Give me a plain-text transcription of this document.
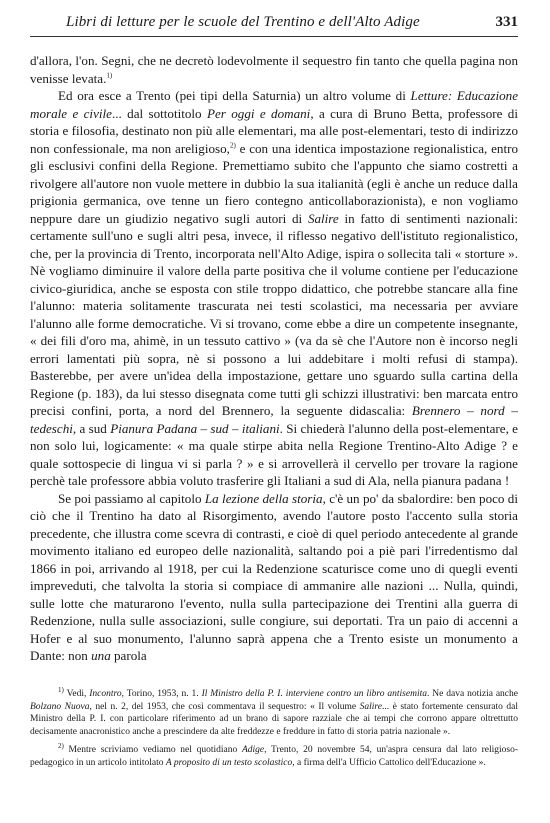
Libri di letture per le scuole del Trentino e dell'Alto Adige	331

d'allora, l'on. Segni, che ne decretò lodevolmente il sequestro fin tanto che quella pagina non venisse levata.$^{1)}$

Ed ora esce a Trento (pei tipi della Saturnia) un altro volume di Letture: Educazione morale e civile... dal sottotitolo Per oggi e domani, a cura di Bruno Betta, professore di storia e filosofia, destinato non più alle elementari, ma alle post-elementari, testo di indirizzo non confessionale, ma non areligioso,$^{2)}$ e con una identica impostazione regionalistica, entro gli esclusivi confini della Regione. Premettiamo subito che l'appunto che siamo costretti a rivolgere all'autore non vuole mettere in dubbio la sua italianità (egli è anche un reduce dalla prigionia germanica, ove tenne un fiero contegno anticollaborazionista), e non vogliamo neppure dare un giudizio negativo sugli autori di Salire in fatto di sentimenti nazionali: certamente sull'uno e sugli altri pesa, invece, il riflesso negativo dell'istituto regionalistico, che, per la provincia di Trento, incorporata nell'Alto Adige, ispira o sollecita tali « storture ». Nè vogliamo diminuire il valore della parte positiva che il volume contiene per l'educazione civico-giuridica, anche se esposta con stile troppo didattico, che potrebbe stancare alla fine l'alunno: materia solitamente trascurata nei testi scolastici, ma necessaria per avviare l'alunno alle forme democratiche. Vi si trovano, come ebbe a dire un competente insegnante, « dei fili d'oro ma, ahimè, in un tessuto cattivo » (va da sè che l'Autore non è incorso negli errori lamentati più sopra, nè si possono a lui addebitare i molti refusi di stampa). Basterebbe, per avere un'idea della impostazione, gettare uno sguardo sulla cartina della Regione (p. 183), da lui stesso disegnata come tutti gli schizzi illustrativi: ben marcata entro precisi confini, porta, a nord del Brennero, la seguente didascalia: Brennero – nord – tedeschi, a sud Pianura Padana – sud – italiani. Si chiederà l'alunno della post-elementare, e non solo lui, logicamente: « ma quale stirpe abita nella Regione Trentino-Alto Adige ? e quale sottospecie di lingua vi si parla ? » e si arrovellerà il cervello per trovare la ragione perchè tale professore abbia voluto trasferire gli Italiani a sud di Ala, nella pianura padana !

Se poi passiamo al capitolo La lezione della storia, c'è un po' da sbalordire: ben poco di ciò che il Trentino ha dato al Risorgimento, avendo l'autore posto l'accento sulla storia precedente, che illustra come scevra di contrasti, e cioè di quel periodo antecedente al grande movimento italiano ed europeo delle nazionalità, saltando poi a piè pari l'irredentismo dal 1866 in poi, arrivando al 1918, per cui la Redenzione scaturisce come uno di quegli eventi impreveduti, che talvolta la storia si compiace di ammanire alle nazioni ... Nulla, quindi, sulle lotte che maturarono l'evento, nulla sulla partecipazione dei Trentini alla guerra di Redenzione, nulla sulle associazioni, sulle congiure, sui deportati. Tra un paio di accenni a Hofer e al suo monumento, l'alunno saprà appena che a Trento esiste un monumento a Dante: non una parola

$^{1)}$ Vedi, Incontro, Torino, 1953, n. 1. Il Ministro della P. I. interviene contro un libro antisemita. Ne dava notizia anche Bolzano Nuova, nel n. 2, del 1953, che così commentava il sequestro: « Il volume Salire... è stato fortemente censurato dal Ministro della P. I. con particolare riferimento ad un brano di sapore razziale che ai tempi che corrono appare oltrettutto decisamente anacronistico anche a prescindere da alte freddezze e freddure in fatto di storia patria nazionale ».

$^{2)}$ Mentre scriviamo vediamo nel quotidiano Adige, Trento, 20 novembre 54, un'aspra censura dal lato religioso-pedagogico in un articolo intitolato A proposito di un testo scolastico, a firma dell'a Ufficio Cattolico dell'Educazione ».
